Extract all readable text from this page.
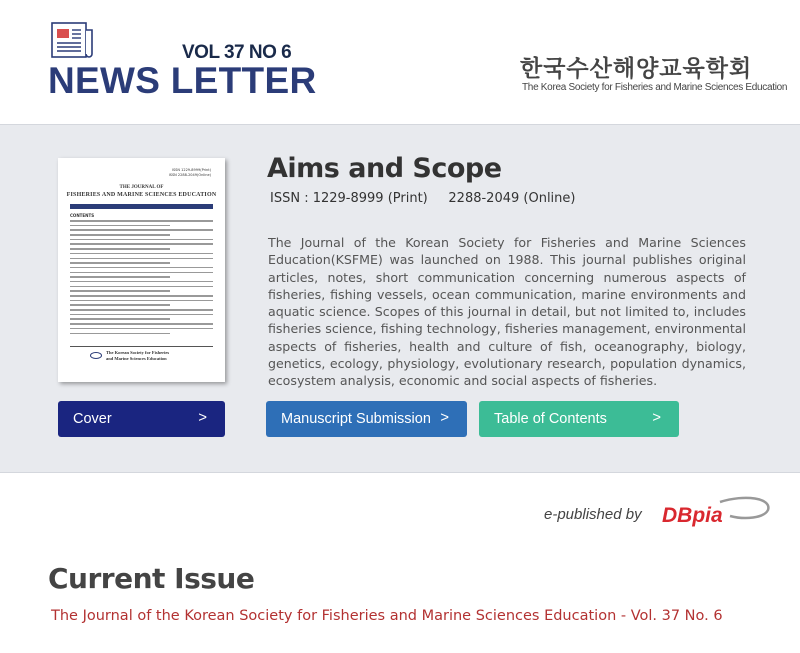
VOL 37 NO 6
NEWS LETTER	한국수산해양교육학회
The Korea Society for Fisheries and Marine Sciences Education
ISSN 1229-8999(Print)
ISSN 2288-2049(Online)
THE JOURNAL OF
FISHERIES AND MARINE SCIENCES EDUCATION
CONTENTS
The Korean Society for Fisheries
and Marine Sciences Education
Cover	>
Aims and Scope
ISSN : 1229-8999 (Print)     2288-2049 (Online)
The Journal of the Korean Society for Fisheries and Marine Sciences Education(KSFME) was launched on 1988. This journal publishes original articles, notes, short communication concerning numerous aspects of fisheries, fishing vessels, ocean communication, marine environments and aquatic science. Scopes of this journal in detail, but not limited to, includes fisheries science, fishing technology, fisheries management, environmental aspects of fisheries, health and culture of fish, oceanography, biology, genetics, ecology, physiology, evolutionary research, population dynamics, ecosystem analysis, economic and social aspects of fisheries.
Manuscript Submission >	Table of Contents	>
e-published by DBpia
Current Issue
The Journal of the Korean Society for Fisheries and Marine Sciences Education - Vol. 37 No. 6
